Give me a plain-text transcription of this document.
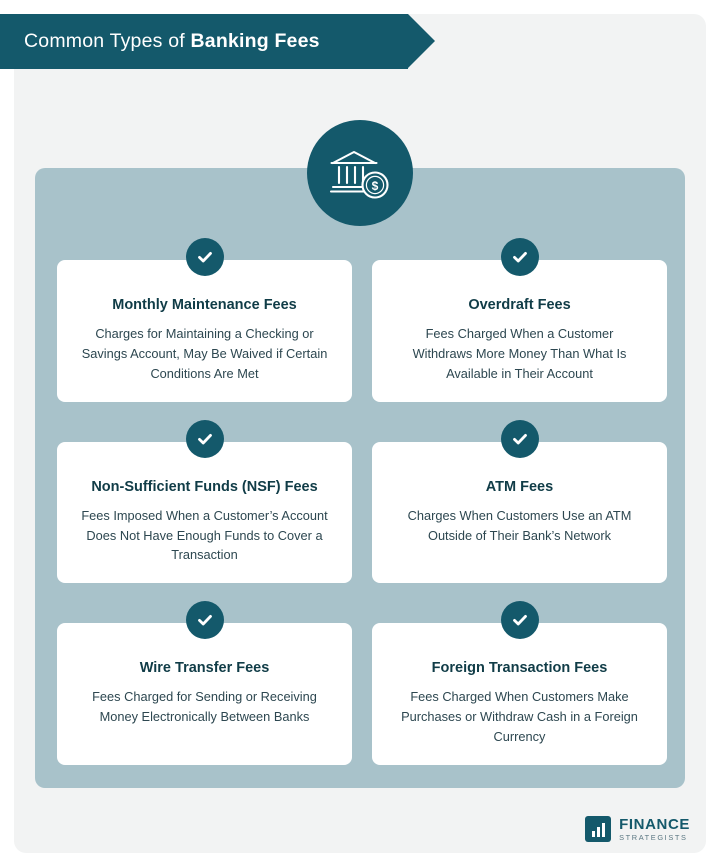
Common Types of Banking Fees
$

Monthly Maintenance Fees

Charges for Maintaining a Checking or Savings Account, May Be Waived if Certain Conditions Are Met

Overdraft Fees

Fees Charged When a Customer Withdraws More Money Than What Is Available in Their Account

Non-Sufficient Funds (NSF) Fees

Fees Imposed When a Customer’s Account Does Not Have Enough Funds to Cover a Transaction

ATM Fees

Charges When Customers Use an ATM Outside of Their Bank’s Network

Wire Transfer Fees

Fees Charged for Sending or Receiving Money Electronically Between Banks

Foreign Transaction Fees

Fees Charged When Customers Make Purchases or Withdraw Cash in a Foreign Currency

FINANCE
STRATEGISTS
